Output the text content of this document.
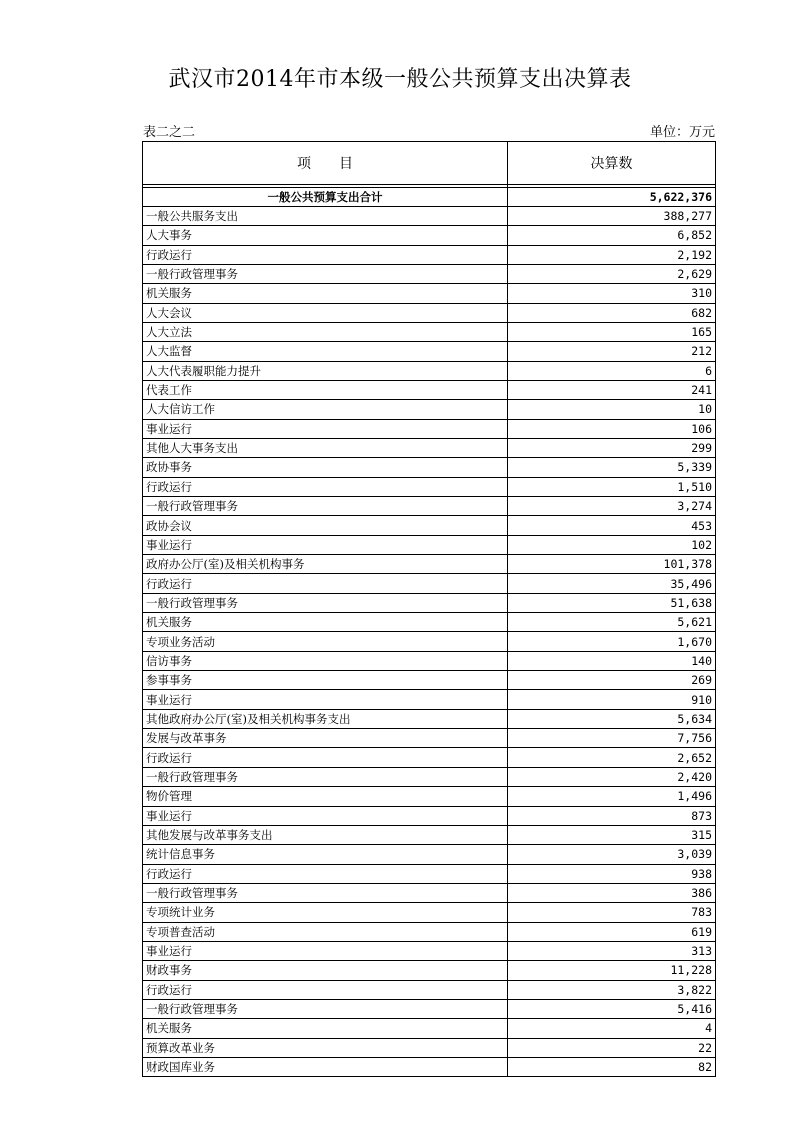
武汉市2014年市本级一般公共预算支出决算表
表二之二	单位：万元
项　　目	决算数

一般公共预算支出合计	5,622,376
一般公共服务支出	388,277
人大事务	6,852
行政运行	2,192
一般行政管理事务	2,629
机关服务	310
人大会议	682
人大立法	165
人大监督	212
人大代表履职能力提升	6
代表工作	241
人大信访工作	10
事业运行	106
其他人大事务支出	299
政协事务	5,339
行政运行	1,510
一般行政管理事务	3,274
政协会议	453
事业运行	102
政府办公厅(室)及相关机构事务	101,378
行政运行	35,496
一般行政管理事务	51,638
机关服务	5,621
专项业务活动	1,670
信访事务	140
参事事务	269
事业运行	910
其他政府办公厅(室)及相关机构事务支出	5,634
发展与改革事务	7,756
行政运行	2,652
一般行政管理事务	2,420
物价管理	1,496
事业运行	873
其他发展与改革事务支出	315
统计信息事务	3,039
行政运行	938
一般行政管理事务	386
专项统计业务	783
专项普查活动	619
事业运行	313
财政事务	11,228
行政运行	3,822
一般行政管理事务	5,416
机关服务	4
预算改革业务	22
财政国库业务	82
